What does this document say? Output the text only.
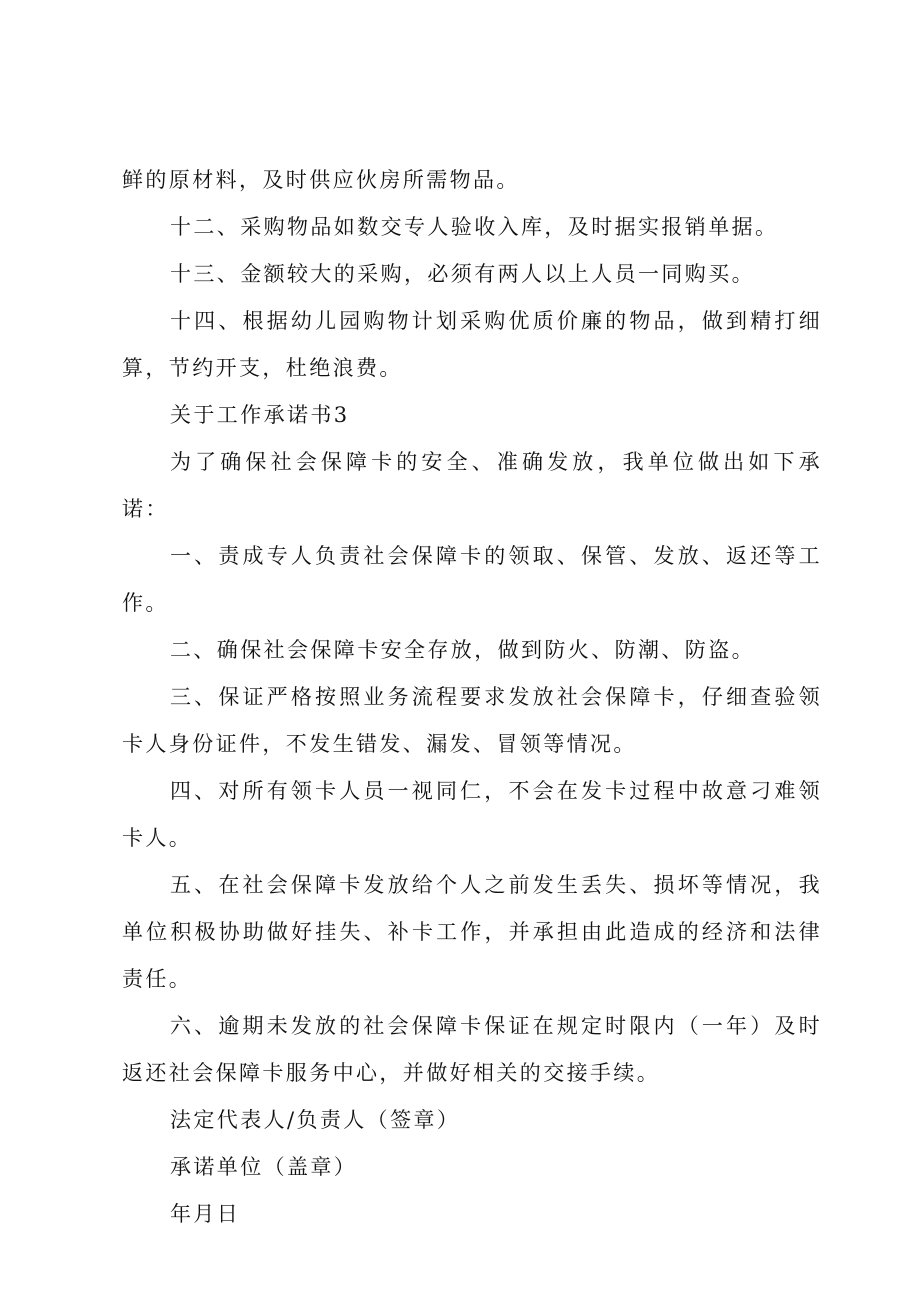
鲜的原材料，及时供应伙房所需物品。

十二、采购物品如数交专人验收入库，及时据实报销单据。

十三、金额较大的采购，必须有两人以上人员一同购买。

十四、根据幼儿园购物计划采购优质价廉的物品，做到精打细算，节约开支，杜绝浪费。

关于工作承诺书3

为了确保社会保障卡的安全、准确发放，我单位做出如下承诺：

一、责成专人负责社会保障卡的领取、保管、发放、返还等工作。

二、确保社会保障卡安全存放，做到防火、防潮、防盗。

三、保证严格按照业务流程要求发放社会保障卡，仔细查验领卡人身份证件，不发生错发、漏发、冒领等情况。

四、对所有领卡人员一视同仁，不会在发卡过程中故意刁难领卡人。

五、在社会保障卡发放给个人之前发生丢失、损坏等情况，我单位积极协助做好挂失、补卡工作，并承担由此造成的经济和法律责任。

六、逾期未发放的社会保障卡保证在规定时限内（一年）及时返还社会保障卡服务中心，并做好相关的交接手续。

法定代表人/负责人（签章）

承诺单位（盖章）

年月日
